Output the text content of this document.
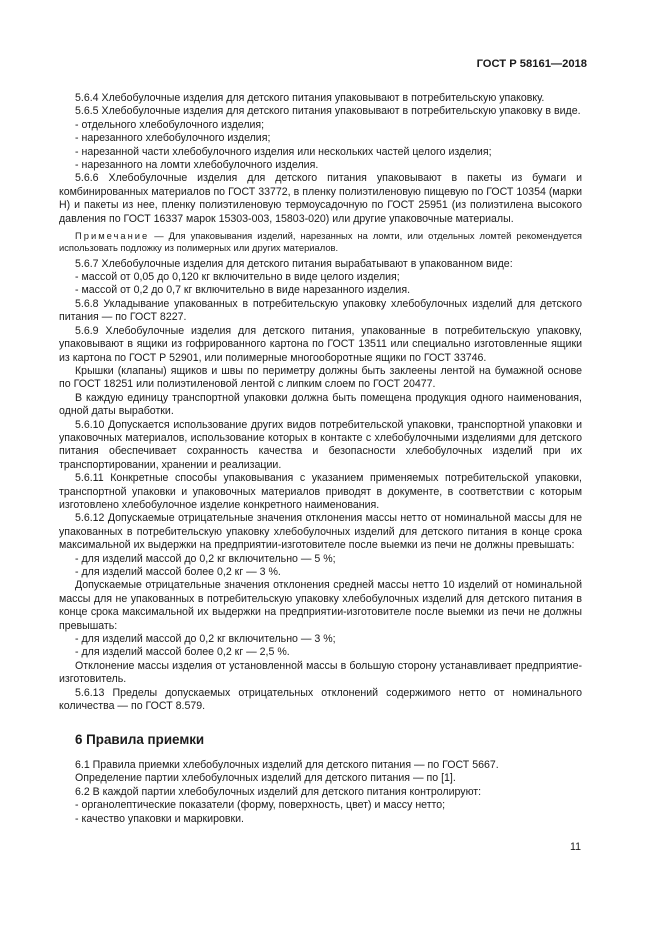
ГОСТ Р 58161—2018

5.6.4 Хлебобулочные изделия для детского питания упаковывают в потребительскую упаковку.

5.6.5 Хлебобулочные изделия для детского питания упаковывают в потребительскую упаковку в виде.

- отдельного хлебобулочного изделия;

- нарезанного хлебобулочного изделия;

- нарезанной части хлебобулочного изделия или нескольких частей целого изделия;

- нарезанного на ломти хлебобулочного изделия.

5.6.6 Хлебобулочные изделия для детского питания упаковывают в пакеты из бумаги и комбинированных материалов по ГОСТ 33772, в пленку полиэтиленовую пищевую по ГОСТ 10354 (марки Н) и пакеты из нее, пленку полиэтиленовую термоусадочную по ГОСТ 25951 (из полиэтилена высокого давления по ГОСТ 16337 марок 15303-003, 15803-020) или другие упаковочные материалы.

Примечание — Для упаковывания изделий, нарезанных на ломти, или отдельных ломтей рекомендуется использовать подложку из полимерных или других материалов.

5.6.7 Хлебобулочные изделия для детского питания вырабатывают в упакованном виде:

- массой от 0,05 до 0,120 кг включительно в виде целого изделия;

- массой от 0,2 до 0,7 кг включительно в виде нарезанного изделия.

5.6.8 Укладывание упакованных в потребительскую упаковку хлебобулочных изделий для детского питания — по ГОСТ 8227.

5.6.9 Хлебобулочные изделия для детского питания, упакованные в потребительскую упаковку, упаковывают в ящики из гофрированного картона по ГОСТ 13511 или специально изготовленные ящики из картона по ГОСТ Р 52901, или полимерные многооборотные ящики по ГОСТ 33746.

Крышки (клапаны) ящиков и швы по периметру должны быть заклеены лентой на бумажной основе по ГОСТ 18251 или полиэтиленовой лентой с липким слоем по ГОСТ 20477.

В каждую единицу транспортной упаковки должна быть помещена продукция одного наименования, одной даты выработки.

5.6.10 Допускается использование других видов потребительской упаковки, транспортной упаковки и упаковочных материалов, использование которых в контакте с хлебобулочными изделиями для детского питания обеспечивает сохранность качества и безопасности хлебобулочных изделий при их транспортировании, хранении и реализации.

5.6.11 Конкретные способы упаковывания с указанием применяемых потребительской упаковки, транспортной упаковки и упаковочных материалов приводят в документе, в соответствии с которым изготовлено хлебобулочное изделие конкретного наименования.

5.6.12 Допускаемые отрицательные значения отклонения массы нетто от номинальной массы для не упакованных в потребительскую упаковку хлебобулочных изделий для детского питания в конце срока максимальной их выдержки на предприятии-изготовителе после выемки из печи не должны превышать:

- для изделий массой до 0,2 кг включительно — 5 %;

- для изделий массой более 0,2 кг — 3 %.

Допускаемые отрицательные значения отклонения средней массы нетто 10 изделий от номинальной массы для не упакованных в потребительскую упаковку хлебобулочных изделий для детского питания в конце срока максимальной их выдержки на предприятии-изготовителе после выемки из печи не должны превышать:

- для изделий массой до 0,2 кг включительно — 3 %;

- для изделий массой более 0,2 кг — 2,5 %.

Отклонение массы изделия от установленной массы в большую сторону устанавливает предприятие-изготовитель.

5.6.13 Пределы допускаемых отрицательных отклонений содержимого нетто от номинального количества — по ГОСТ 8.579.

6 Правила приемки

6.1 Правила приемки хлебобулочных изделий для детского питания — по ГОСТ 5667.

Определение партии хлебобулочных изделий для детского питания — по [1].

6.2 В каждой партии хлебобулочных изделий для детского питания контролируют:

- органолептические показатели (форму, поверхность, цвет) и массу нетто;

- качество упаковки и маркировки.

11
